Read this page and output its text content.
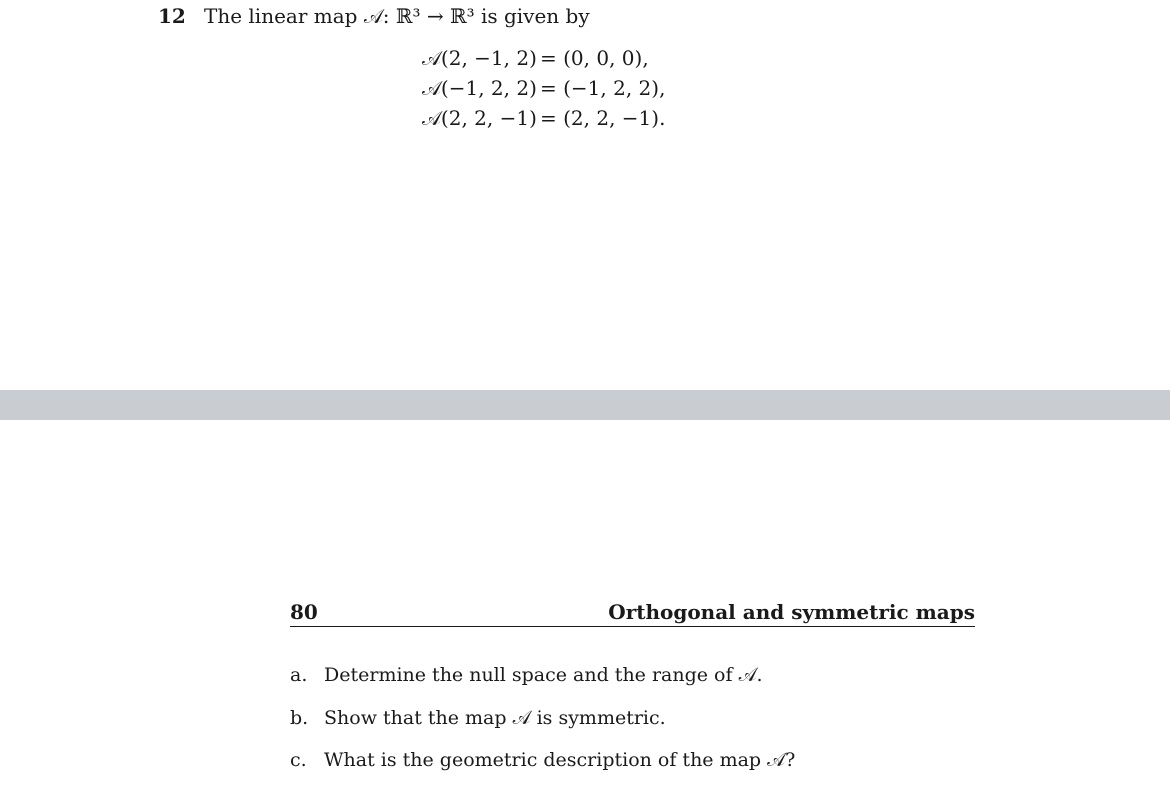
12 The linear map 𝒜: ℝ³ → ℝ³ is given by
𝒜(2, −1, 2) = (0, 0, 0),
𝒜(−1, 2, 2) = (−1, 2, 2),
𝒜(2, 2, −1) = (2, 2, −1).
80	Orthogonal and symmetric maps
a. Determine the null space and the range of 𝒜.
b. Show that the map 𝒜 is symmetric.
c. What is the geometric description of the map 𝒜?
